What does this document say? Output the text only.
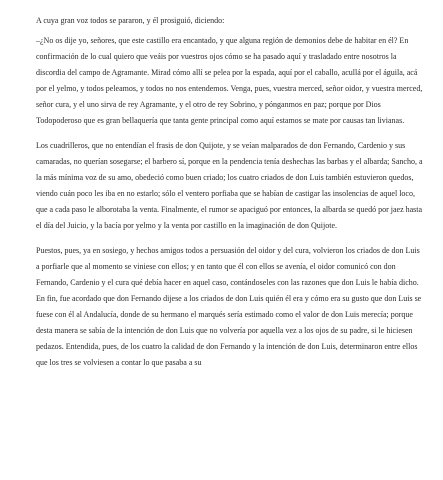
A cuya gran voz todos se pararon, y él prosiguió, diciendo:

–¿No os dije yo, señores, que este castillo era encantado, y que alguna región de demonios debe de habitar en él? En confirmación de lo cual quiero que veáis por vuestros ojos cómo se ha pasado aquí y trasladado entre nosotros la discordia del campo de Agramante. Mirad cómo allí se pelea por la espada, aquí por el caballo, acullá por el águila, acá por el yelmo, y todos peleamos, y todos no nos entendemos. Venga, pues, vuestra merced, señor oidor, y vuestra merced, señor cura, y el uno sirva de rey Agramante, y el otro de rey Sobrino, y pónganmos en paz; porque por Dios Todopoderoso que es gran bellaquería que tanta gente principal como aquí estamos se mate por causas tan livianas.

Los cuadrilleros, que no entendían el frasis de don Quijote, y se veían malparados de don Fernando, Cardenio y sus camaradas, no querían sosegarse; el barbero sí, porque en la pendencia tenía deshechas las barbas y el albarda; Sancho, a la más mínima voz de su amo, obedeció como buen criado; los cuatro criados de don Luis también estuvieron quedos, viendo cuán poco les iba en no estarlo; sólo el ventero porfiaba que se habían de castigar las insolencias de aquel loco, que a cada paso le alborotaba la venta. Finalmente, el rumor se apaciguó por entonces, la albarda se quedó por jaez hasta el día del Juicio, y la bacía por yelmo y la venta por castillo en la imaginación de don Quijote.

Puestos, pues, ya en sosiego, y hechos amigos todos a persuasión del oidor y del cura, volvieron los criados de don Luis a porfiarle que al momento se viniese con ellos; y en tanto que él con ellos se avenía, el oidor comunicó con don Fernando, Cardenio y el cura qué debía hacer en aquel caso, contándoseles con las razones que don Luis le había dicho. En fin, fue acordado que don Fernando dijese a los criados de don Luis quién él era y cómo era su gusto que don Luis se fuese con él al Andalucía, donde de su hermano el marqués sería estimado como el valor de don Luis merecía; porque desta manera se sabía de la intención de don Luis que no volvería por aquella vez a los ojos de su padre, si le hiciesen pedazos. Entendida, pues, de los cuatro la calidad de don Fernando y la intención de don Luis, determinaron entre ellos que los tres se volviesen a contar lo que pasaba a su
